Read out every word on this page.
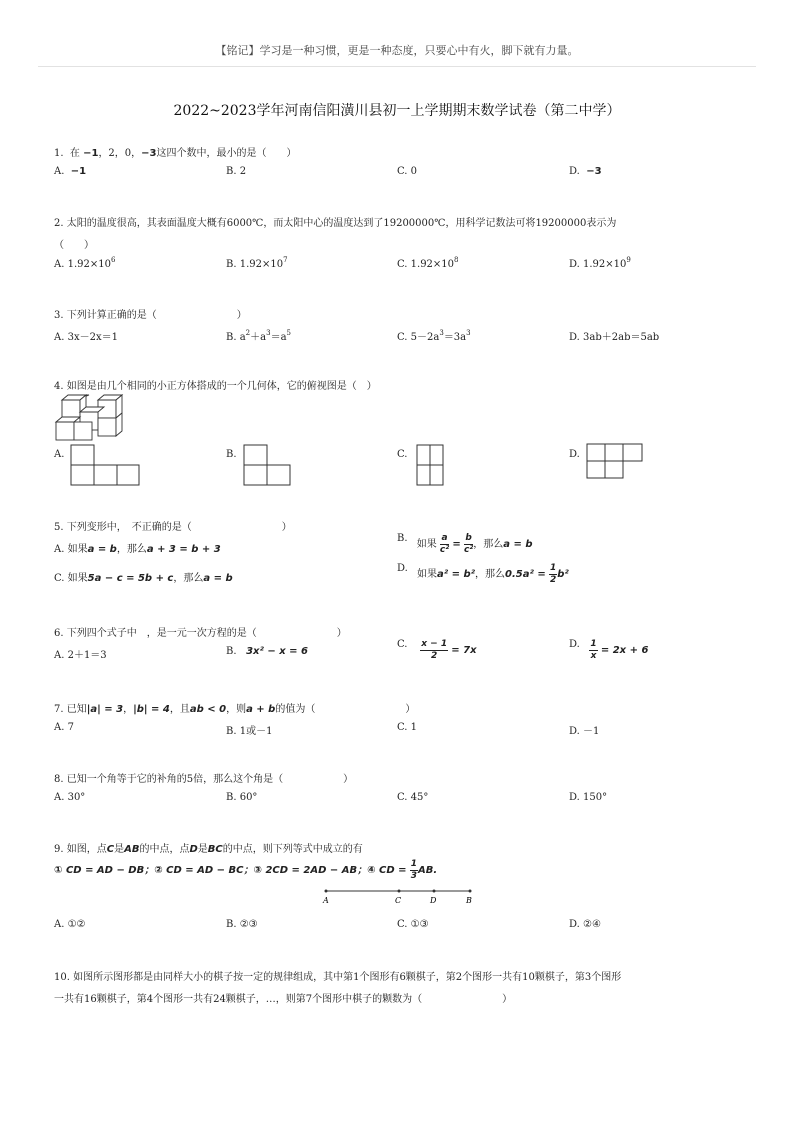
【铭记】学习是一种习惯，更是一种态度，只要心中有火，脚下就有力量。
2022~2023学年河南信阳潢川县初一上学期期末数学试卷（第二中学）
1. 在 −1，2，0，−3这四个数中，最小的是（　　）
A. −1	B. 2	C. 0	D. −3
2. 太阳的温度很高，其表面温度大概有6000℃，而太阳中心的温度达到了19200000℃，用科学记数法可将19200000表示为
（　　）
A. $1.92\times 10^6$	B. $1.92\times 10^7$	C. $1.92\times 10^8$	D. $1.92\times 10^9$
3. 下列计算正确的是（　　　　　　　　）
A. 3x－2x＝1	B. $a^2+a^3=a^5$	C. $5-2a^3=3a^3$	D. 3ab＋2ab＝5ab
4. 如图是由几个相同的小正方体搭成的一个几何体，它的俯视图是（　）
A.	B.	C.	D.
5. 下列变形中，　不正确的是（　　　　　　　　　）
A. 如果a = b，那么a + 3 = b + 3
B. 如果 $\frac{a}{\text{c²}} = \frac{b}{\text{c²}}$ ，那么a = b
C. 如果5a − c = 5b + c，那么a = b
D. 如果a² = b²，那么$0.5a^2 = \frac{1}{2} b^2$
6. 下列四个式子中　，是一元一次方程的是（　　　　　　　　）
A. 2＋1＝3	B. 3x² − x = 6
C. $\frac{x - 1}{2} = 7x$
D. $\frac{1}{x} = 2x + 6$
7. 已知|a| = 3，|b| = 4，且ab < 0，则a + b的值为（　　　　　　　　　）
A. 7	B. 1或－1	C. 1	D. －1
8. 已知一个角等于它的补角的5倍，那么这个角是（　　　　　　）
A. 30°	B. 60°	C. 45°	D. 150°
9. 如图，点C是AB的中点，点D是BC的中点，则下列等式中成立的有
① CD = AD − DB；② CD = AD − BC；③ 2CD = 2AD − AB；④ CD = $\frac{1}{3}$ AB.
A	C	D	B
A. ①②	B. ②③	C. ①③	D. ②④
10. 如图所示图形都是由同样大小的棋子按一定的规律组成，其中第1个图形有6颗棋子，第2个图形一共有10颗棋子，第3个图形
一共有16颗棋子，第4个图形一共有24颗棋子，…，则第7个图形中棋子的颗数为（　　　　　　　　）
